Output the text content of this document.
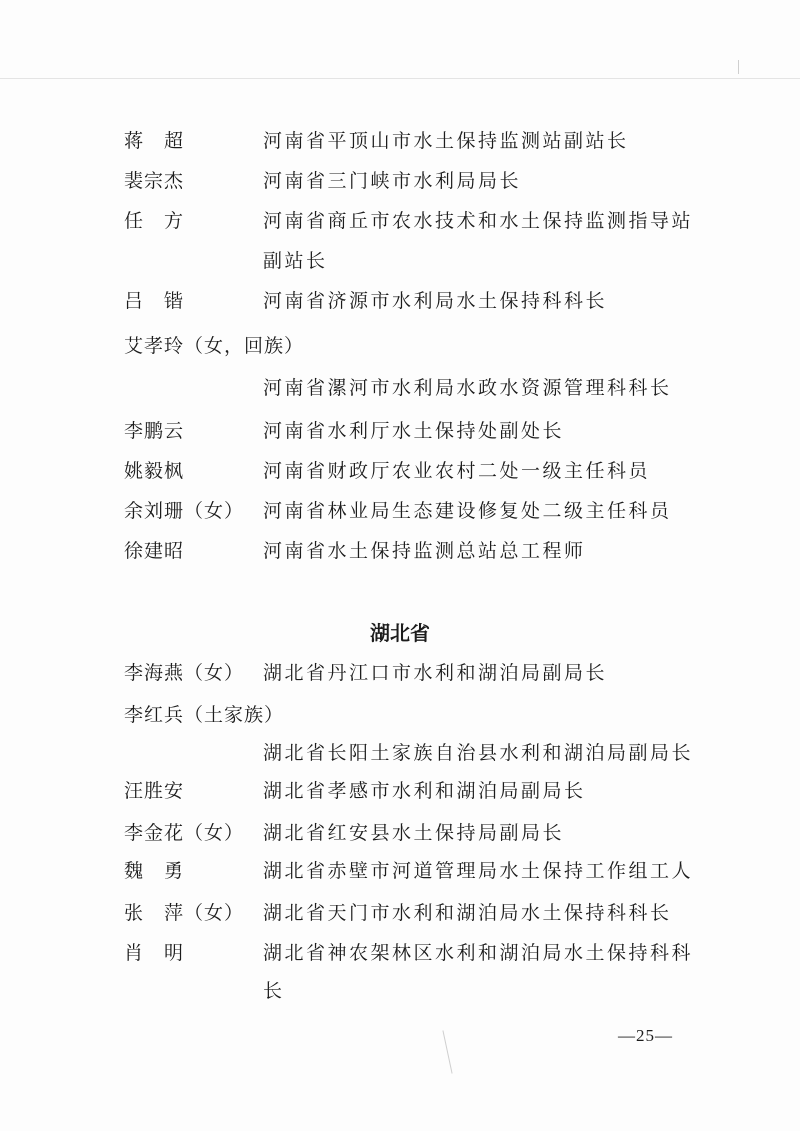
蒋　超	河南省平顶山市水土保持监测站副站长
裴宗杰	河南省三门峡市水利局局长
任　方	河南省商丘市农水技术和水土保持监测指导站
副站长
吕　锴	河南省济源市水利局水土保持科科长
艾孝玲（女，回族）
河南省漯河市水利局水政水资源管理科科长
李鹏云	河南省水利厅水土保持处副处长
姚毅枫	河南省财政厅农业农村二处一级主任科员
余刘珊（女） 河南省林业局生态建设修复处二级主任科员
徐建昭	河南省水土保持监测总站总工程师
湖北省
李海燕（女） 湖北省丹江口市水利和湖泊局副局长
李红兵（土家族）
湖北省长阳土家族自治县水利和湖泊局副局长
汪胜安	湖北省孝感市水利和湖泊局副局长
李金花（女） 湖北省红安县水土保持局副局长
魏　勇	湖北省赤壁市河道管理局水土保持工作组工人
张　萍（女） 湖北省天门市水利和湖泊局水土保持科科长
肖　明	湖北省神农架林区水利和湖泊局水土保持科科
长
—25—
